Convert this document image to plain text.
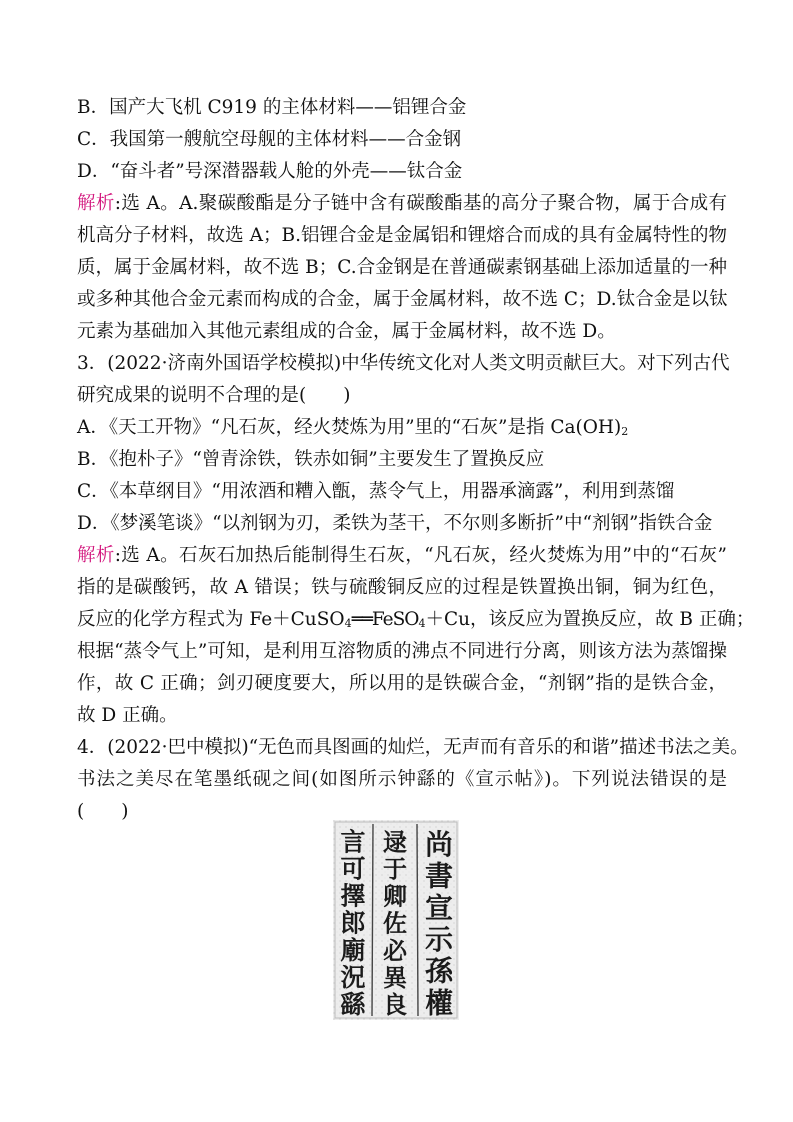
B．国产大飞机 C919 的主体材料——铝锂合金
C．我国第一艘航空母舰的主体材料——合金钢
D．“奋斗者”号深潜器载人舱的外壳——钛合金
解析:选 A。A.聚碳酸酯是分子链中含有碳酸酯基的高分子聚合物，属于合成有
机高分子材料，故选 A；B.铝锂合金是金属铝和锂熔合而成的具有金属特性的物
质，属于金属材料，故不选 B；C.合金钢是在普通碳素钢基础上添加适量的一种
或多种其他合金元素而构成的合金，属于金属材料，故不选 C；D.钛合金是以钛
元素为基础加入其他元素组成的合金，属于金属材料，故不选 D。
3．(2022·济南外国语学校模拟)中华传统文化对人类文明贡献巨大。对下列古代
研究成果的说明不合理的是(　　)
A．《天工开物》“凡石灰，经火焚炼为用”里的“石灰”是指 $Ca(OH)_2$
B．《抱朴子》“曾青涂铁，铁赤如铜”主要发生了置换反应
C．《本草纲目》“用浓酒和糟入甑，蒸令气上，用器承滴露”，利用到蒸馏
D．《梦溪笔谈》“以剂钢为刃，柔铁为茎干，不尔则多断折”中“剂钢”指铁合金
解析:选 A。石灰石加热后能制得生石灰，“凡石灰，经火焚炼为用”中的“石灰”
指的是碳酸钙，故 A 错误；铁与硫酸铜反应的过程是铁置换出铜，铜为红色，
反应的化学方程式为 Fe＋CuSO$_4$══FeSO$_4$＋Cu，该反应为置换反应，故 B 正确；
根据“蒸令气上”可知，是利用互溶物质的沸点不同进行分离，则该方法为蒸馏操
作，故 C 正确；剑刃硬度要大，所以用的是铁碳合金，“剂钢”指的是铁合金，
故 D 正确。
4．(2022·巴中模拟)“无色而具图画的灿烂，无声而有音乐的和谐”描述书法之美。
书法之美尽在笔墨纸砚之间(如图所示钟繇的《宣示帖》)。下列说法错误的是
(　　)
尚
書
宣
示
孫
權
逯
于
卿
佐
必
異
良
言
可
擇
郎
廟
況
繇
